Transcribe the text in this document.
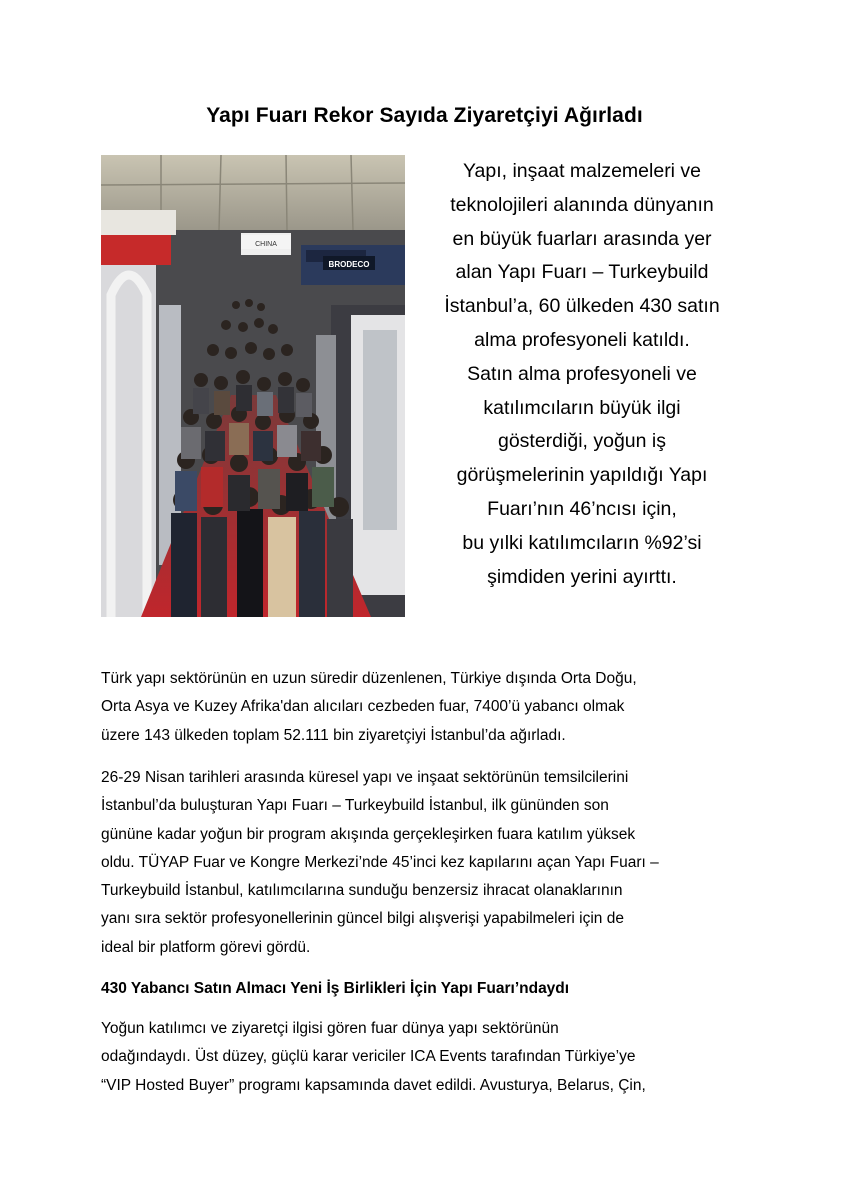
Yapı Fuarı Rekor Sayıda Ziyaretçiyi Ağırladı
BRODECO
CHINA
Yapı, inşaat malzemeleri ve
teknolojileri alanında dünyanın
en büyük fuarları arasında yer
alan Yapı Fuarı – Turkeybuild
İstanbul’a, 60 ülkeden 430 satın
alma profesyoneli katıldı.
Satın alma profesyoneli ve
katılımcıların büyük ilgi
gösterdiği, yoğun iş
görüşmelerinin yapıldığı Yapı
Fuarı’nın 46’ncısı için,
bu yılki katılımcıların %92’si
şimdiden yerini ayırttı.
Türk yapı sektörünün en uzun süredir düzenlenen, Türkiye dışında Orta Doğu,
Orta Asya ve Kuzey Afrika'dan alıcıları cezbeden fuar, 7400’ü yabancı olmak
üzere 143 ülkeden toplam 52.111 bin ziyaretçiyi İstanbul’da ağırladı.
26-29 Nisan tarihleri arasında küresel yapı ve inşaat sektörünün temsilcilerini
İstanbul’da buluşturan Yapı Fuarı – Turkeybuild İstanbul, ilk gününden son
gününe kadar yoğun bir program akışında gerçekleşirken fuara katılım yüksek
oldu. TÜYAP Fuar ve Kongre Merkezi’nde 45’inci kez kapılarını açan Yapı Fuarı –
Turkeybuild İstanbul, katılımcılarına sunduğu benzersiz ihracat olanaklarının
yanı sıra sektör profesyonellerinin güncel bilgi alışverişi yapabilmeleri için de
ideal bir platform görevi gördü.
430 Yabancı Satın Almacı Yeni İş Birlikleri İçin Yapı Fuarı’ndaydı
Yoğun katılımcı ve ziyaretçi ilgisi gören fuar dünya yapı sektörünün
odağındaydı. Üst düzey, güçlü karar vericiler ICA Events tarafından Türkiye’ye
“VIP Hosted Buyer” programı kapsamında davet edildi. Avusturya, Belarus, Çin,
